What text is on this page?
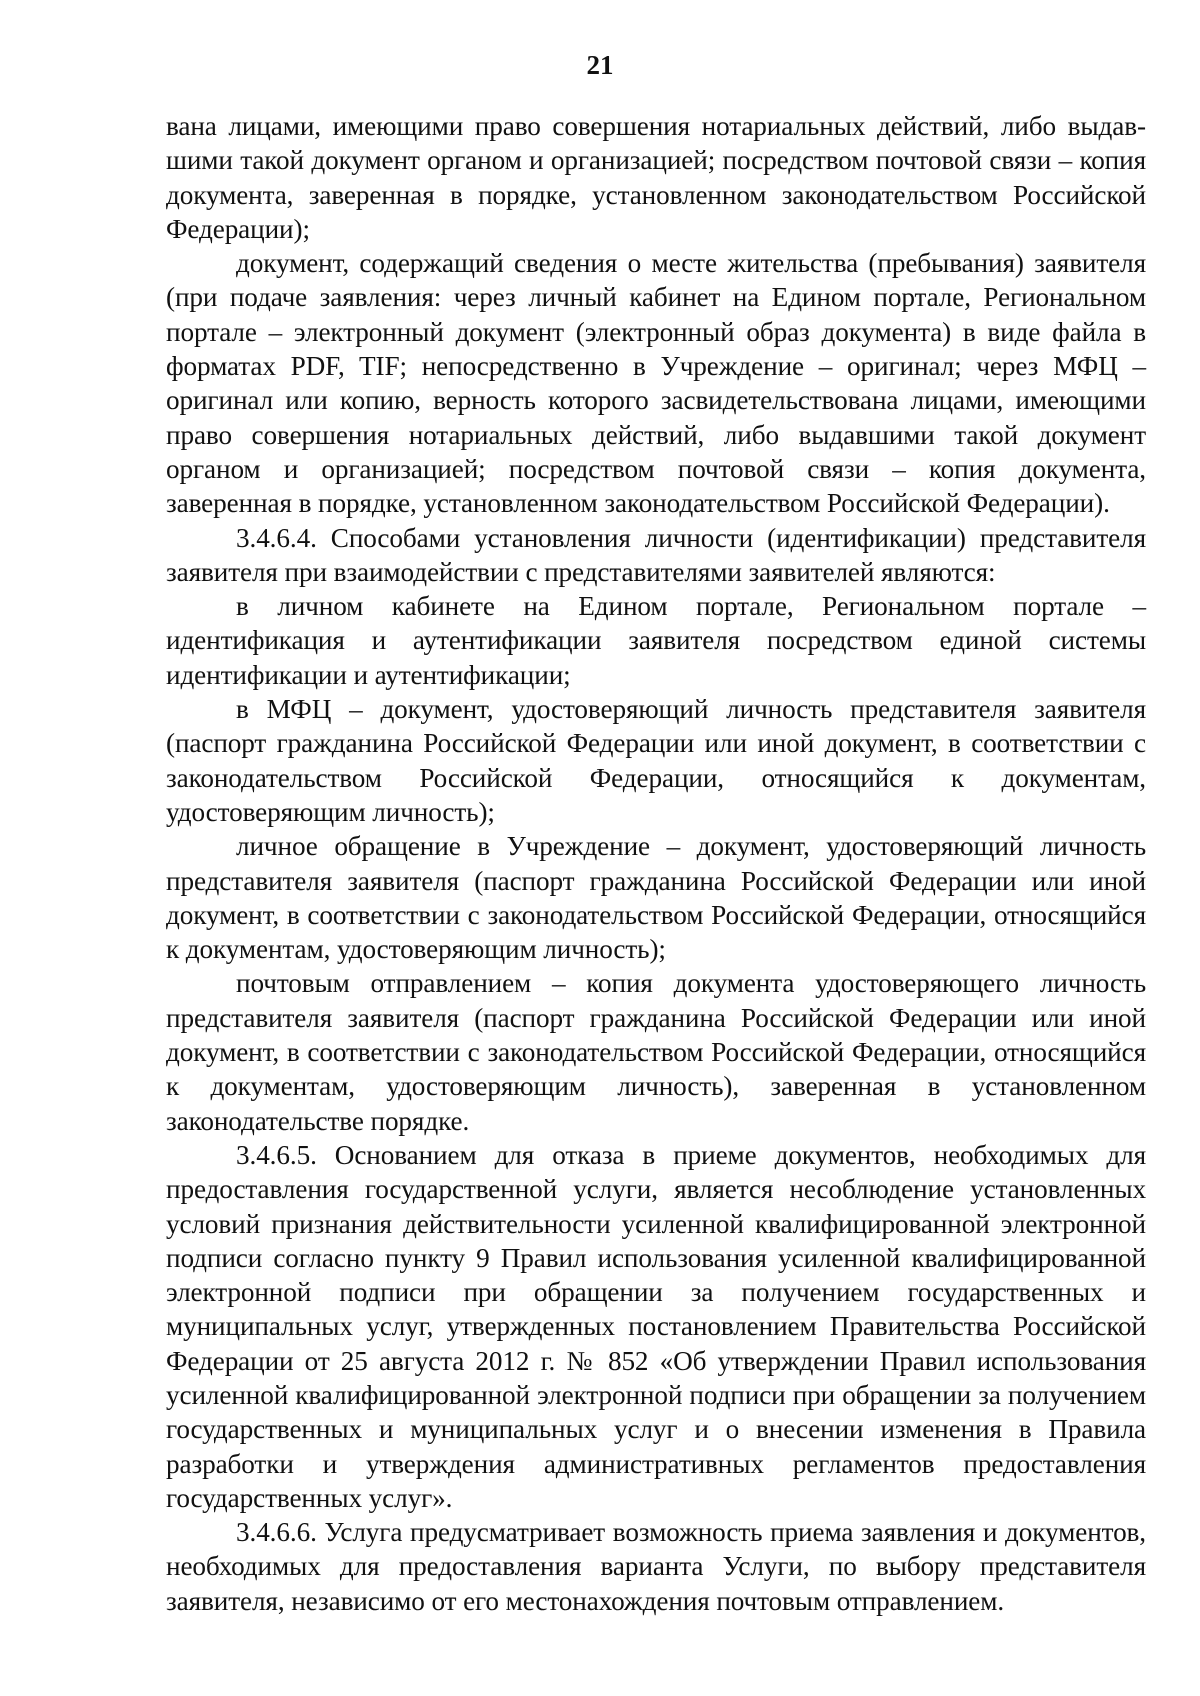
21

вана лицами, имеющими право совершения нотариальных действий, либо выдавшими такой документ органом и организацией; посредством почтовой связи – копия документа, заверенная в порядке, установленном законодательством Российской Федерации);

документ, содержащий сведения о месте жительства (пребывания) заявителя (при подаче заявления: через личный кабинет на Едином портале, Региональном портале – электронный документ (электронный образ документа) в виде файла в форматах PDF, TIF; непосредственно в Учреждение – оригинал; через МФЦ – оригинал или копию, верность которого засвидетельствована лицами, имеющими право совершения нотариальных действий, либо выдавшими такой документ органом и организацией; посредством почтовой связи – копия документа, заверенная в порядке, установленном законодательством Российской Федерации).

3.4.6.4. Способами установления личности (идентификации) представителя заявителя при взаимодействии с представителями заявителей являются:

в личном кабинете на Едином портале, Региональном портале – идентификация и аутентификации заявителя посредством единой системы идентификации и аутентификации;

в МФЦ – документ, удостоверяющий личность представителя заявителя (паспорт гражданина Российской Федерации или иной документ, в соответствии с законодательством Российской Федерации, относящийся к документам, удостоверяющим личность);

личное обращение в Учреждение – документ, удостоверяющий личность представителя заявителя (паспорт гражданина Российской Федерации или иной документ, в соответствии с законодательством Российской Федерации, относящийся к документам, удостоверяющим личность);

почтовым отправлением – копия документа удостоверяющего личность представителя заявителя (паспорт гражданина Российской Федерации или иной документ, в соответствии с законодательством Российской Федерации, относящийся к документам, удостоверяющим личность), заверенная в установленном законодательстве порядке.

3.4.6.5. Основанием для отказа в приеме документов, необходимых для предоставления государственной услуги, является несоблюдение установленных условий признания действительности усиленной квалифицированной электронной подписи согласно пункту 9 Правил использования усиленной квалифицированной электронной подписи при обращении за получением государственных и муниципальных услуг, утвержденных постановлением Правительства Российской Федерации от 25 августа 2012 г. № 852 «Об утверждении Правил использования усиленной квалифицированной электронной подписи при обращении за получением государственных и муниципальных услуг и о внесении изменения в Правила разработки и утверждения административных регламентов предоставления государственных услуг».

3.4.6.6. Услуга предусматривает возможность приема заявления и документов, необходимых для предоставления варианта Услуги, по выбору представителя заявителя, независимо от его местонахождения почтовым отправлением.
